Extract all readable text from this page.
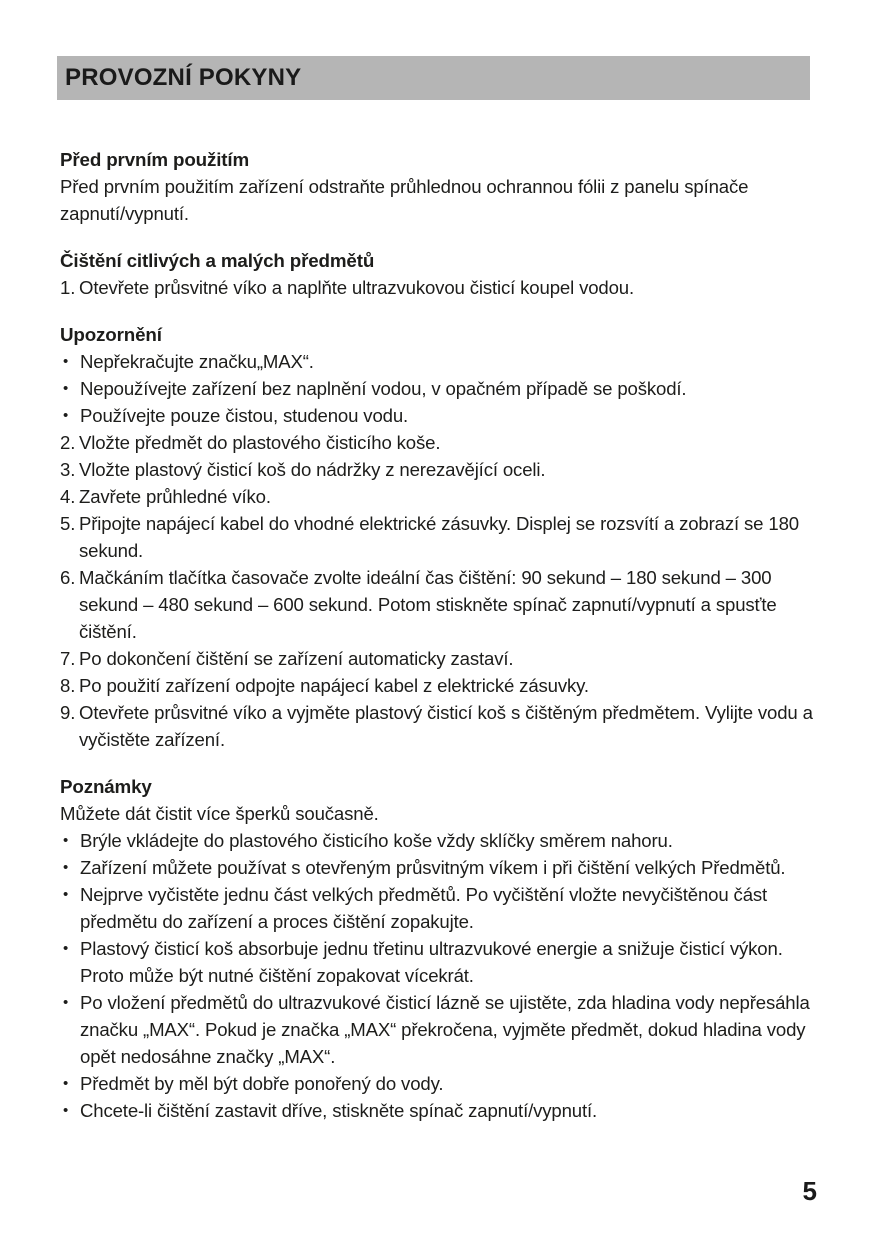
PROVOZNÍ POKYNY
Před prvním použitím

Před prvním použitím zařízení odstraňte průhlednou ochrannou fólii z panelu spínače zapnutí/vypnutí.

Čištění citlivých a malých předmětů
1. Otevřete průsvitné víko a naplňte ultrazvukovou čisticí koupel vodou.
Upozornění
• Nepřekračujte značku„MAX“.
• Nepoužívejte zařízení bez naplnění vodou, v opačném případě se poškodí.
• Používejte pouze čistou, studenou vodu.
2. Vložte předmět do plastového čisticího koše.
3. Vložte plastový čisticí koš do nádržky z nerezavějící oceli.
4. Zavřete průhledné víko.
5. Připojte napájecí kabel do vhodné elektrické zásuvky. Displej se rozsvítí a zobrazí se 180 sekund.
6. Mačkáním tlačítka časovače zvolte ideální čas čištění: 90 sekund – 180 sekund – 300 sekund – 480 sekund – 600 sekund. Potom stiskněte spínač zapnutí/vypnutí a spusťte čištění.
7. Po dokončení čištění se zařízení automaticky zastaví.
8. Po použití zařízení odpojte napájecí kabel z elektrické zásuvky.
9. Otevřete průsvitné víko a vyjměte plastový čisticí koš s čištěným předmětem. Vylijte vodu a vyčistěte zařízení.
Poznámky

Můžete dát čistit více šperků současně.

• Brýle vkládejte do plastového čisticího koše vždy sklíčky směrem nahoru.
• Zařízení můžete používat s otevřeným průsvitným víkem i při čištění velkých Předmětů.
• Nejprve vyčistěte jednu část velkých předmětů. Po vyčištění vložte nevyčištěnou část předmětu do zařízení a proces čištění zopakujte.
• Plastový čisticí koš absorbuje jednu třetinu ultrazvukové energie a snižuje čisticí výkon. Proto může být nutné čištění zopakovat vícekrát.
• Po vložení předmětů do ultrazvukové čisticí lázně se ujistěte, zda hladina vody nepřesáhla značku „MAX“. Pokud je značka „MAX“ překročena, vyjměte předmět, dokud hladina vody opět nedosáhne značky „MAX“.
• Předmět by měl být dobře ponořený do vody.
• Chcete-li čištění zastavit dříve, stiskněte spínač zapnutí/vypnutí.
5
